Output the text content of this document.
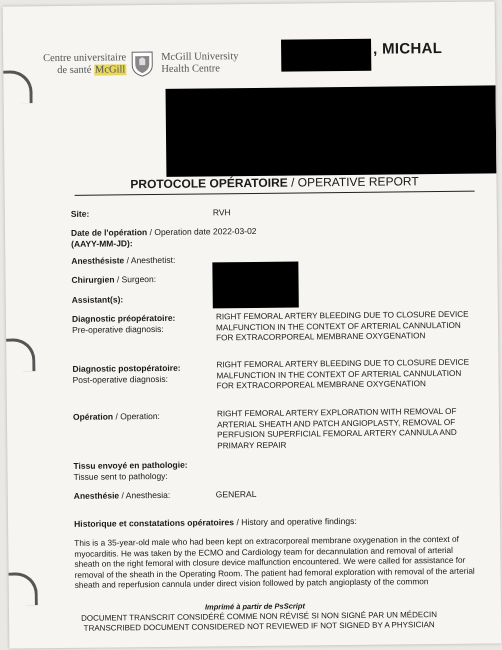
Centre universitaire
de santé McGill
McGill University
Health Centre
, MICHAL
PROTOCOLE OPÉRATOIRE / OPERATIVE REPORT
Site:	RVH
Date de l'opération / Operation date
(AAYY-MM-JD):
2022-03-02
Anesthésiste / Anesthetist:
Chirurgien / Surgeon:
Assistant(s):
Diagnostic préopératoire:
Pre-operative diagnosis:
RIGHT FEMORAL ARTERY BLEEDING DUE TO CLOSURE DEVICE MALFUNCTION IN THE CONTEXT OF ARTERIAL CANNULATION FOR EXTRACORPOREAL MEMBRANE OXYGENATION
Diagnostic postopératoire:
Post-operative diagnosis:
RIGHT FEMORAL ARTERY BLEEDING DUE TO CLOSURE DEVICE MALFUNCTION IN THE CONTEXT OF ARTERIAL CANNULATION FOR EXTRACORPOREAL MEMBRANE OXYGENATION
Opération / Operation:	RIGHT FEMORAL ARTERY EXPLORATION WITH REMOVAL OF ARTERIAL SHEATH AND PATCH ANGIOPLASTY, REMOVAL OF PERFUSION SUPERFICIAL FEMORAL ARTERY CANNULA AND PRIMARY REPAIR
Tissu envoyé en pathologie:
Tissue sent to pathology:
Anesthésie / Anesthesia:	GENERAL
Historique et constatations opératoires / History and operative findings:
This is a 35-year-old male who had been kept on extracorporeal membrane oxygenation in the context of myocarditis. He was taken by the ECMO and Cardiology team for decannulation and removal of arterial sheath on the right femoral with closure device malfunction encountered. We were called for assistance for removal of the sheath in the Operating Room. The patient had femoral exploration with removal of the arterial sheath and reperfusion cannula under direct vision followed by patch angioplasty of the common
Imprimé à partir de PsScript
DOCUMENT TRANSCRIT CONSIDÉRÉ COMME NON RÉVISÉ SI NON SIGNÉ PAR UN MÉDECIN
TRANSCRIBED DOCUMENT CONSIDERED NOT REVIEWED IF NOT SIGNED BY A PHYSICIAN
